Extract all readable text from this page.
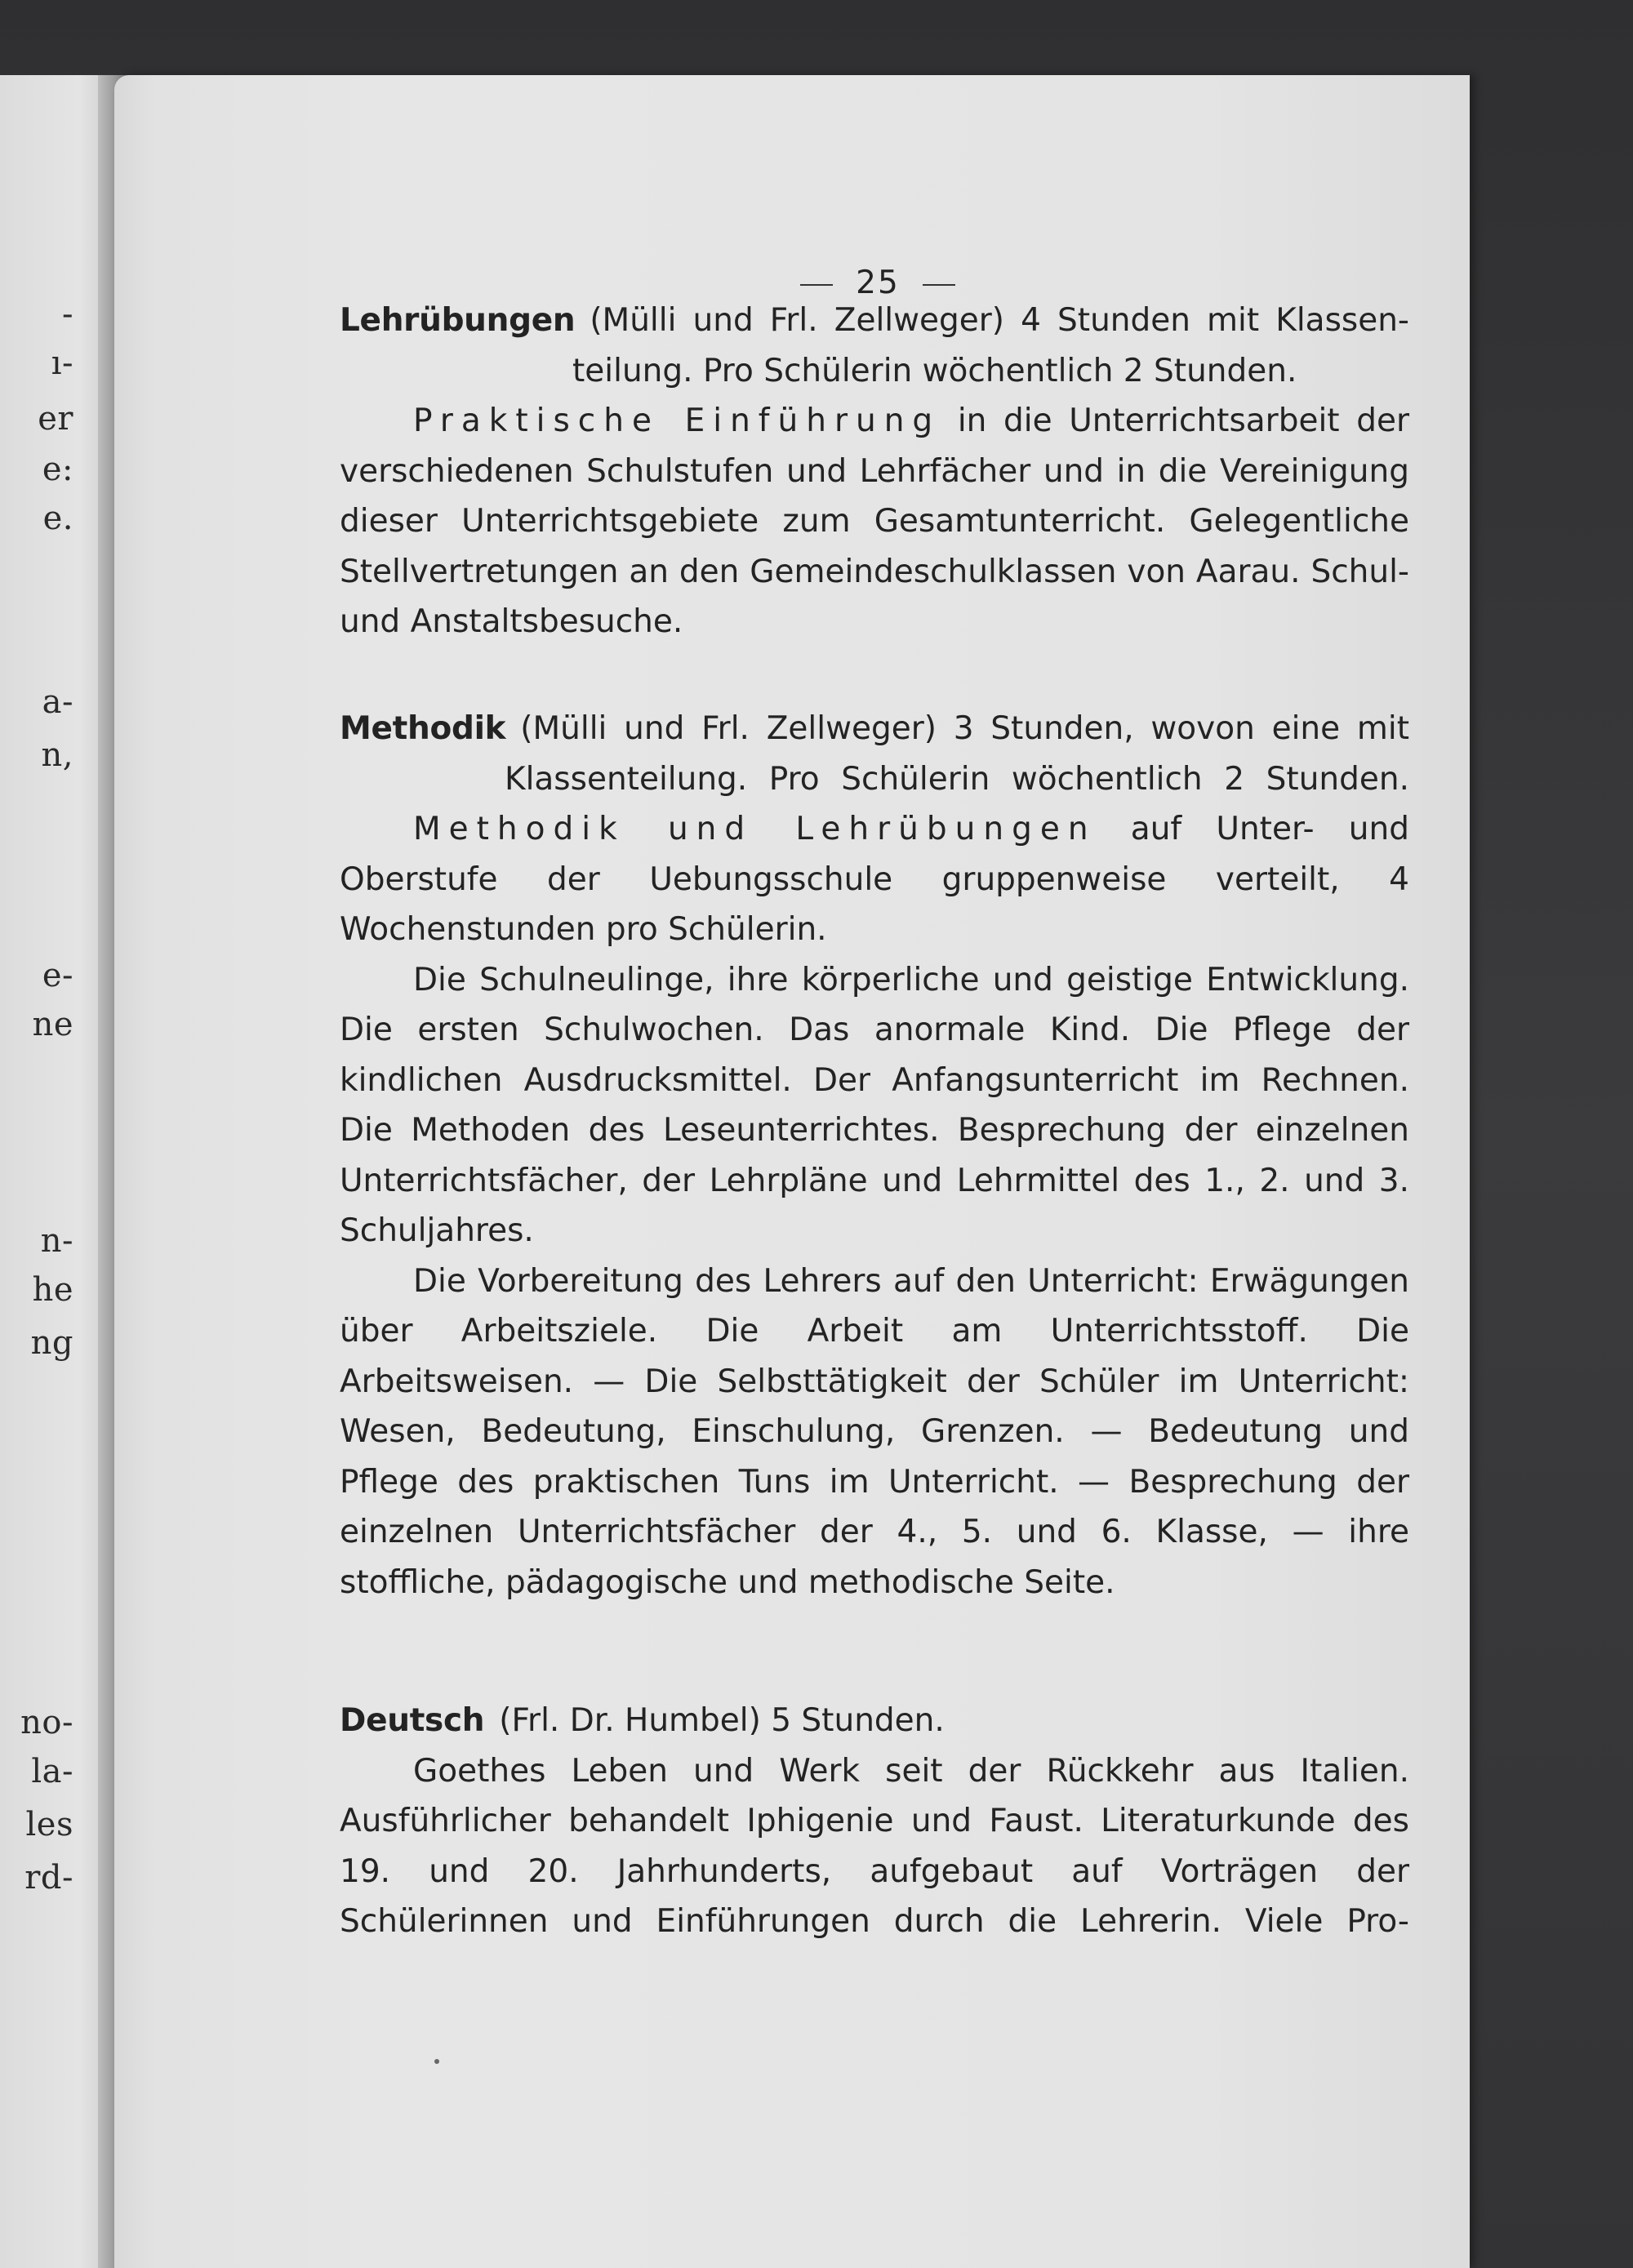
-
ı-
er
e:
e.
a-
n,
e-
ne
n-
he
ng
no-
la-
les
rd-
25
Lehrübungen (Mülli und Frl. Zellweger) 4 Stunden mit Klassen-
teilung. Pro Schülerin wöchentlich 2 Stunden.

Praktische Einführung in die Unterrichtsarbeit der verschiedenen Schulstufen und Lehrfächer und in die Vereinigung dieser Unterrichtsgebiete zum Gesamtunterricht. Gelegentliche Stellvertretungen an den Gemeindeschulklassen von Aarau. Schul- und Anstaltsbesuche.

Methodik (Mülli und Frl. Zellweger) 3 Stunden, wovon eine mit
Klassenteilung. Pro Schülerin wöchentlich 2 Stunden.

Methodik und Lehrübungen auf Unter- und Oberstufe der Uebungsschule gruppenweise verteilt, 4 Wochenstunden pro Schülerin.

Die Schulneulinge, ihre körperliche und geistige Entwicklung. Die ersten Schulwochen. Das anormale Kind. Die Pflege der kindlichen Ausdrucksmittel. Der Anfangsunterricht im Rechnen. Die Methoden des Leseunterrichtes. Besprechung der einzelnen Unterrichtsfächer, der Lehrpläne und Lehrmittel des 1., 2. und 3. Schuljahres.

Die Vorbereitung des Lehrers auf den Unterricht: Erwägungen über Arbeitsziele. Die Arbeit am Unterrichtsstoff. Die Arbeitsweisen. — Die Selbsttätigkeit der Schüler im Unterricht: Wesen, Bedeutung, Einschulung, Grenzen. — Bedeutung und Pflege des praktischen Tuns im Unterricht. — Besprechung der einzelnen Unterrichtsfächer der 4., 5. und 6. Klasse, — ihre stoffliche, pädagogische und methodische Seite.

Deutsch (Frl. Dr. Humbel) 5 Stunden.

Goethes Leben und Werk seit der Rückkehr aus Italien. Ausführlicher behandelt Iphigenie und Faust. Literaturkunde des 19. und 20. Jahrhunderts, aufgebaut auf Vorträgen der Schülerinnen und Einführungen durch die Lehrerin. Viele Pro-
